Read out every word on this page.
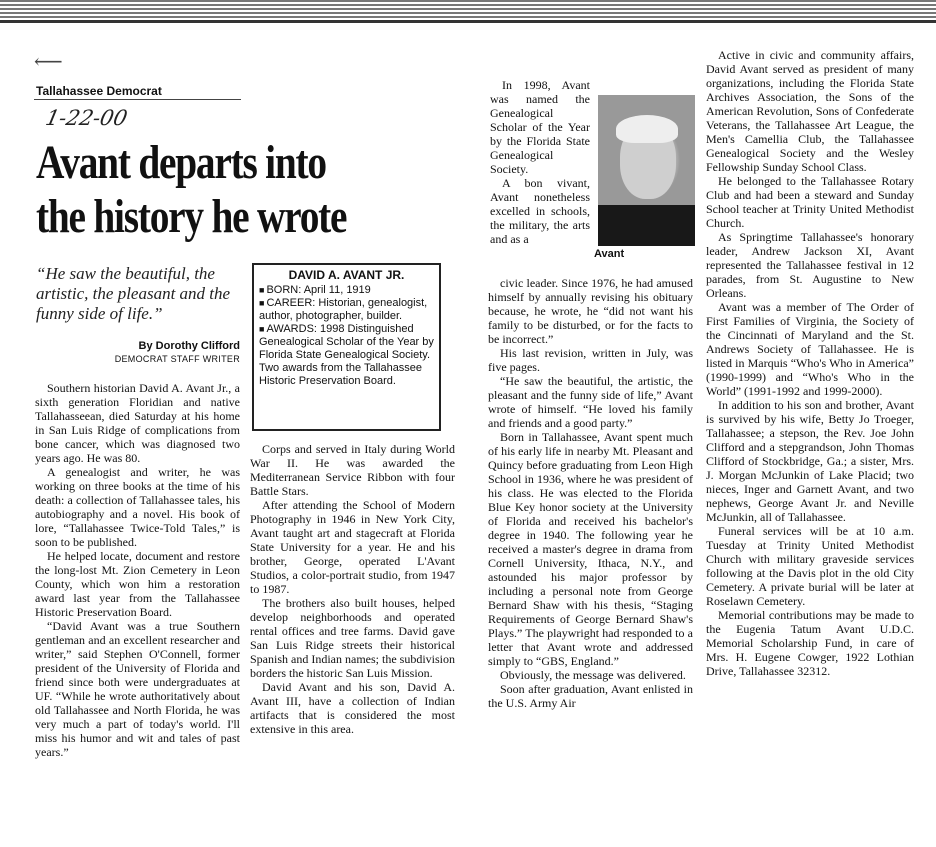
⟵
Tallahassee Democrat
1-22-00
Avant departs into the history he wrote
“He saw the beautiful, the artistic, the pleasant and the funny side of life.”
By Dorothy Clifford
DEMOCRAT STAFF WRITER

Southern historian David A. Avant Jr., a sixth generation Floridian and native Tallahasseean, died Saturday at his home in San Luis Ridge of complications from bone cancer, which was diagnosed two years ago. He was 80.

A genealogist and writer, he was working on three books at the time of his death: a collection of Tallahassee tales, his autobiography and a novel. His book of lore, “Tallahassee Twice-Told Tales,” is soon to be published.

He helped locate, document and restore the long-lost Mt. Zion Cemetery in Leon County, which won him a restoration award last year from the Tallahassee Historic Preservation Board.

“David Avant was a true Southern gentleman and an excellent researcher and writer,” said Stephen O'Connell, former president of the University of Florida and friend since both were undergraduates at UF. “While he wrote authoritatively about old Tallahassee and North Florida, he was very much a part of today's world. I'll miss his humor and wit and tales of past years.”

DAVID A. AVANT JR.
■ BORN: April 11, 1919
■ CAREER: Historian, genealogist, author, photographer, builder.
■ AWARDS: 1998 Distinguished Genealogical Scholar of the Year by Florida State Genealogical Society. Two awards from the Tallahassee Historic Preservation Board.

Corps and served in Italy during World War II. He was awarded the Mediterranean Service Ribbon with four Battle Stars.

After attending the School of Modern Photography in 1946 in New York City, Avant taught art and stagecraft at Florida State University for a year. He and his brother, George, operated L'Avant Studios, a color-portrait studio, from 1947 to 1987.

The brothers also built houses, helped develop neighborhoods and operated rental offices and tree farms. David gave San Luis Ridge streets their historical Spanish and Indian names; the subdivision borders the historic San Luis Mission.

David Avant and his son, David A. Avant III, have a collection of Indian artifacts that is considered the most extensive in this area.

In 1998, Avant was named the Genealogical Scholar of the Year by the Florida State Genealogical Society.

A bon vivant, Avant nonetheless excelled in schools, the military, the arts and as a

Avant

civic leader. Since 1976, he had amused himself by annually revising his obituary because, he wrote, he “did not want his family to be disturbed, or for the facts to be incorrect.”

His last revision, written in July, was five pages.

“He saw the beautiful, the artistic, the pleasant and the funny side of life,” Avant wrote of himself. “He loved his family and friends and a good party.”

Born in Tallahassee, Avant spent much of his early life in nearby Mt. Pleasant and Quincy before graduating from Leon High School in 1936, where he was president of his class. He was elected to the Florida Blue Key honor society at the University of Florida and received his bachelor's degree in 1940. The following year he received a master's degree in drama from Cornell University, Ithaca, N.Y., and astounded his major professor by including a personal note from George Bernard Shaw with his thesis, “Staging Requirements of George Bernard Shaw's Plays.” The playwright had responded to a letter that Avant wrote and addressed simply to “GBS, England.”

Obviously, the message was delivered.

Soon after graduation, Avant enlisted in the U.S. Army Air

Active in civic and community affairs, David Avant served as president of many organizations, including the Florida State Archives Association, the Sons of the American Revolution, Sons of Confederate Veterans, the Tallahassee Art League, the Men's Camellia Club, the Tallahassee Genealogical Society and the Wesley Fellowship Sunday School Class.

He belonged to the Tallahassee Rotary Club and had been a steward and Sunday School teacher at Trinity United Methodist Church.

As Springtime Tallahassee's honorary leader, Andrew Jackson XI, Avant represented the Tallahassee festival in 12 parades, from St. Augustine to New Orleans.

Avant was a member of The Order of First Families of Virginia, the Society of the Cincinnati of Maryland and the St. Andrews Society of Tallahassee. He is listed in Marquis “Who's Who in America” (1990-1999) and “Who's Who in the World” (1991-1992 and 1999-2000).

In addition to his son and brother, Avant is survived by his wife, Betty Jo Troeger, Tallahassee; a stepson, the Rev. Joe John Clifford and a stepgrandson, John Thomas Clifford of Stockbridge, Ga.; a sister, Mrs. J. Morgan McJunkin of Lake Placid; two nieces, Inger and Garnett Avant, and two nephews, George Avant Jr. and Neville McJunkin, all of Tallahassee.

Funeral services will be at 10 a.m. Tuesday at Trinity United Methodist Church with military graveside services following at the Davis plot in the old City Cemetery. A private burial will be later at Roselawn Cemetery.

Memorial contributions may be made to the Eugenia Tatum Avant U.D.C. Memorial Scholarship Fund, in care of Mrs. H. Eugene Cowger, 1922 Lothian Drive, Tallahassee 32312.
